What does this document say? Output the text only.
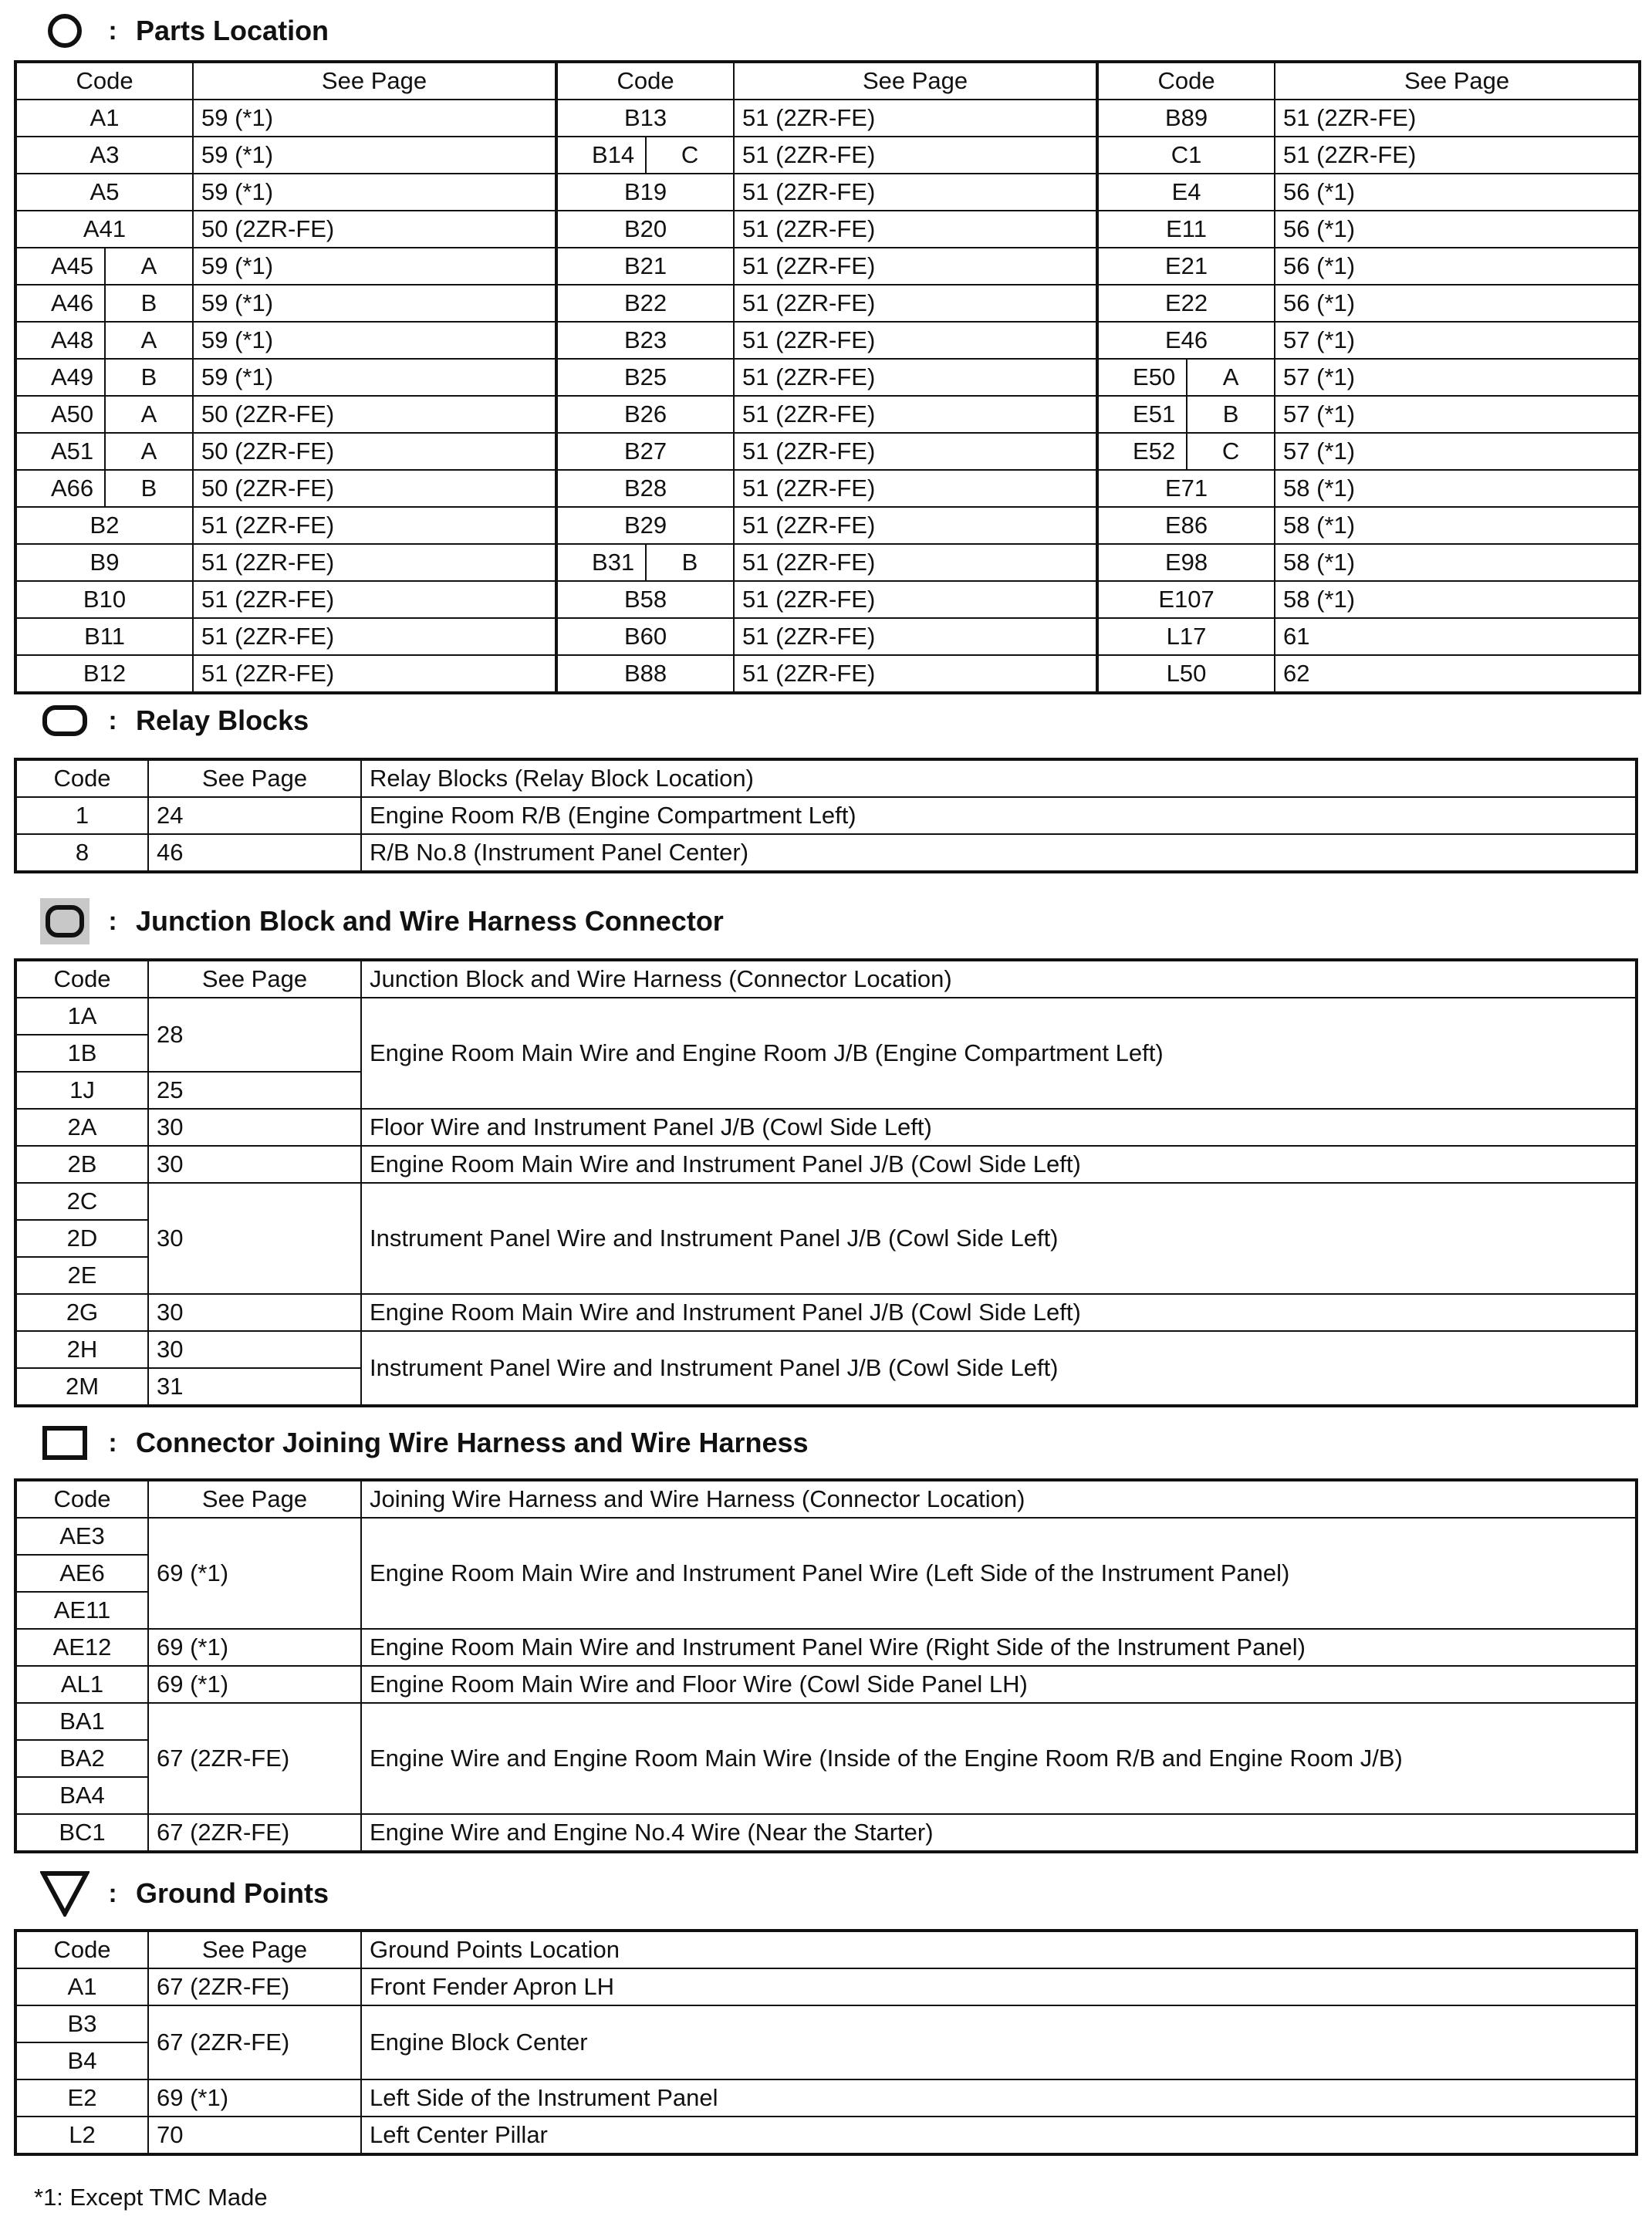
: Parts Location
Code		See Page	Code		See Page	Code		See Page
A1		59 (*1)	B13		51 (2ZR-FE)	B89		51 (2ZR-FE)
A3		59 (*1)	B14	C	51 (2ZR-FE)	C1		51 (2ZR-FE)
A5		59 (*1)	B19		51 (2ZR-FE)	E4		56 (*1)
A41		50 (2ZR-FE)	B20		51 (2ZR-FE)	E11		56 (*1)
A45	A	59 (*1)	B21		51 (2ZR-FE)	E21		56 (*1)
A46	B	59 (*1)	B22		51 (2ZR-FE)	E22		56 (*1)
A48	A	59 (*1)	B23		51 (2ZR-FE)	E46		57 (*1)
A49	B	59 (*1)	B25		51 (2ZR-FE)	E50	A	57 (*1)
A50	A	50 (2ZR-FE)	B26		51 (2ZR-FE)	E51	B	57 (*1)
A51	A	50 (2ZR-FE)	B27		51 (2ZR-FE)	E52	C	57 (*1)
A66	B	50 (2ZR-FE)	B28		51 (2ZR-FE)	E71		58 (*1)
B2		51 (2ZR-FE)	B29		51 (2ZR-FE)	E86		58 (*1)
B9		51 (2ZR-FE)	B31	B	51 (2ZR-FE)	E98		58 (*1)
B10		51 (2ZR-FE)	B58		51 (2ZR-FE)	E107		58 (*1)
B11		51 (2ZR-FE)	B60		51 (2ZR-FE)	L17		61
B12		51 (2ZR-FE)	B88		51 (2ZR-FE)	L50		62
: Relay Blocks
Code	See Page	Relay Blocks (Relay Block Location)
1	24	Engine Room R/B (Engine Compartment Left)
8	46	R/B No.8 (Instrument Panel Center)
: Junction Block and Wire Harness Connector
Code	See Page	Junction Block and Wire Harness (Connector Location)
1A	28	Engine Room Main Wire and Engine Room J/B (Engine Compartment Left)
1B		
1J	25	
2A	30	Floor Wire and Instrument Panel J/B (Cowl Side Left)
2B	30	Engine Room Main Wire and Instrument Panel J/B (Cowl Side Left)
2C	30	Instrument Panel Wire and Instrument Panel J/B (Cowl Side Left)
2D		
2E		
2G	30	Engine Room Main Wire and Instrument Panel J/B (Cowl Side Left)
2H	30	Instrument Panel Wire and Instrument Panel J/B (Cowl Side Left)
2M	31	
: Connector Joining Wire Harness and Wire Harness
Code	See Page	Joining Wire Harness and Wire Harness (Connector Location)
AE3	69 (*1)	Engine Room Main Wire and Instrument Panel Wire (Left Side of the Instrument Panel)
AE6		
AE11		
AE12	69 (*1)	Engine Room Main Wire and Instrument Panel Wire (Right Side of the Instrument Panel)
AL1	69 (*1)	Engine Room Main Wire and Floor Wire (Cowl Side Panel LH)
BA1	67 (2ZR-FE)	Engine Wire and Engine Room Main Wire (Inside of the Engine Room R/B and Engine Room J/B)
BA2		
BA4		
BC1	67 (2ZR-FE)	Engine Wire and Engine No.4 Wire (Near the Starter)
: Ground Points
Code	See Page	Ground Points Location
A1	67 (2ZR-FE)	Front Fender Apron LH
B3	67 (2ZR-FE)	Engine Block Center
B4		
E2	69 (*1)	Left Side of the Instrument Panel
L2	70	Left Center Pillar
*1: Except TMC Made
